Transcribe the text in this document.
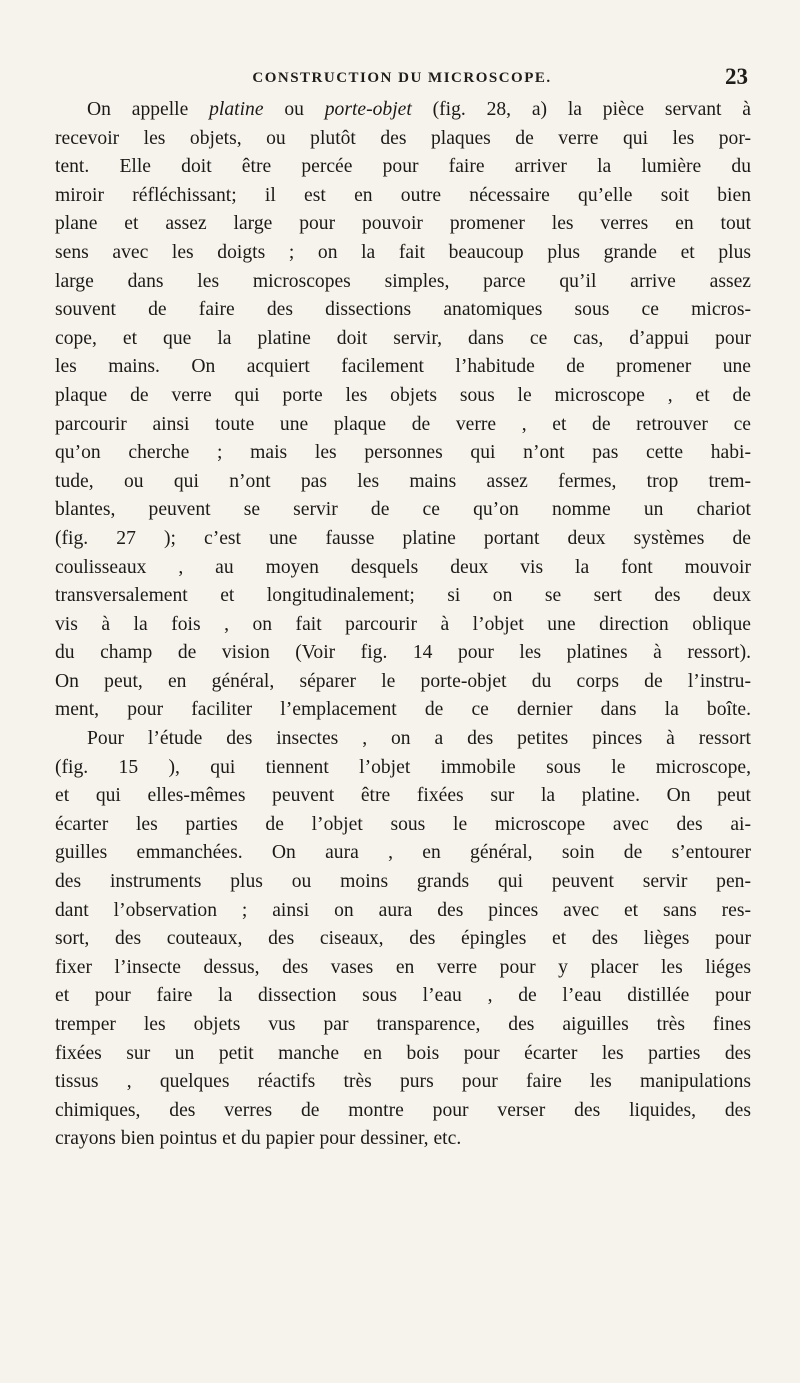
CONSTRUCTION DU MICROSCOPE.	23
On appelle platine ou porte-objet (fig. 28, a) la pièce servant à
recevoir les objets, ou plutôt des plaques de verre qui les por-
tent. Elle doit être percée pour faire arriver la lumière du
miroir réfléchissant; il est en outre nécessaire qu’elle soit bien
plane et assez large pour pouvoir promener les verres en tout
sens avec les doigts ; on la fait beaucoup plus grande et plus
large dans les microscopes simples, parce qu’il arrive assez
souvent de faire des dissections anatomiques sous ce micros-
cope, et que la platine doit servir, dans ce cas, d’appui pour
les mains. On acquiert facilement l’habitude de promener une
plaque de verre qui porte les objets sous le microscope , et de
parcourir ainsi toute une plaque de verre , et de retrouver ce
qu’on cherche ; mais les personnes qui n’ont pas cette habi-
tude, ou qui n’ont pas les mains assez fermes, trop trem-
blantes, peuvent se servir de ce qu’on nomme un chariot
(fig. 27 ); c’est une fausse platine portant deux systèmes de
coulisseaux , au moyen desquels deux vis la font mouvoir
transversalement et longitudinalement; si on se sert des deux
vis à la fois , on fait parcourir à l’objet une direction oblique
du champ de vision (Voir fig. 14 pour les platines à ressort).
On peut, en général, séparer le porte-objet du corps de l’instru-
ment, pour faciliter l’emplacement de ce dernier dans la boîte.
Pour l’étude des insectes , on a des petites pinces à ressort
(fig. 15 ), qui tiennent l’objet immobile sous le microscope,
et qui elles-mêmes peuvent être fixées sur la platine. On peut
écarter les parties de l’objet sous le microscope avec des ai-
guilles emmanchées. On aura , en général, soin de s’entourer
des instruments plus ou moins grands qui peuvent servir pen-
dant l’observation ; ainsi on aura des pinces avec et sans res-
sort, des couteaux, des ciseaux, des épingles et des lièges pour
fixer l’insecte dessus, des vases en verre pour y placer les liéges
et pour faire la dissection sous l’eau , de l’eau distillée pour
tremper les objets vus par transparence, des aiguilles très fines
fixées sur un petit manche en bois pour écarter les parties des
tissus , quelques réactifs très purs pour faire les manipulations
chimiques, des verres de montre pour verser des liquides, des
crayons bien pointus et du papier pour dessiner, etc.
